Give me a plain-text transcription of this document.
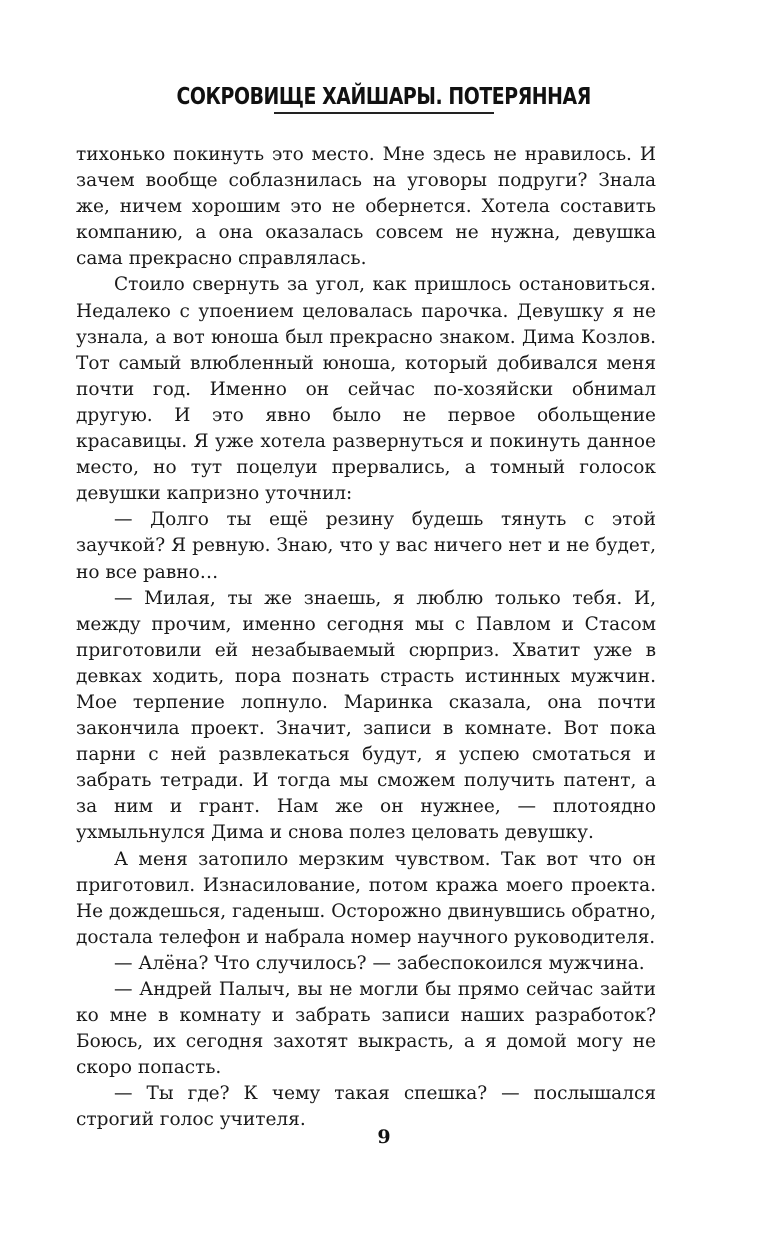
СОКРОВИЩЕ ХАЙШАРЫ. ПОТЕРЯННАЯ

тихонько покинуть это место. Мне здесь не нравилось. И зачем вообще соблазнилась на уговоры подруги? Знала же, ничем хорошим это не обернется. Хотела составить компанию, а она оказалась совсем не нужна, девушка сама прекрасно справлялась.

Стоило свернуть за угол, как пришлось остановиться. Недалеко с упоением целовалась парочка. Девушку я не узнала, а вот юноша был прекрасно знаком. Дима Козлов. Тот самый влюбленный юноша, который добивался меня почти год. Именно он сейчас по-хозяйски обнимал другую. И это явно было не первое обольщение красавицы. Я уже хотела развернуться и покинуть данное место, но тут поцелуи прервались, а томный голосок девушки капризно уточнил:

— Долго ты ещё резину будешь тянуть с этой заучкой? Я ревную. Знаю, что у вас ничего нет и не будет, но все равно…

— Милая, ты же знаешь, я люблю только тебя. И, между прочим, именно сегодня мы с Павлом и Стасом приготовили ей незабываемый сюрприз. Хватит уже в девках ходить, пора познать страсть истинных мужчин. Мое терпение лопнуло. Маринка сказала, она почти закончила проект. Значит, записи в комнате. Вот пока парни с ней развлекаться будут, я успею смотаться и забрать тетради. И тогда мы сможем получить патент, а за ним и грант. Нам же он нужнее, — плотоядно ухмыльнулся Дима и снова полез целовать девушку.

А меня затопило мерзким чувством. Так вот что он приготовил. Изнасилование, потом кража моего проекта. Не дождешься, гаденыш. Осторожно двинувшись обратно, достала телефон и набрала номер научного руководителя.

— Алёна? Что случилось? — забеспокоился мужчина.

— Андрей Палыч, вы не могли бы прямо сейчас зайти ко мне в комнату и забрать записи наших разработок? Боюсь, их сегодня захотят выкрасть, а я домой могу не скоро попасть.

— Ты где? К чему такая спешка? — послышался строгий голос учителя.

9
